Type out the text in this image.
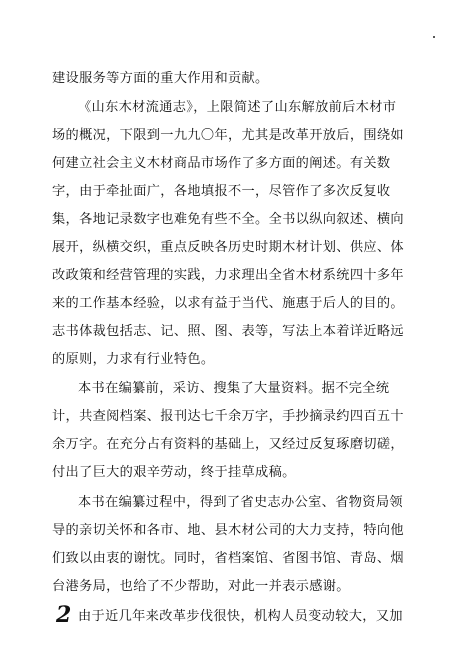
建设服务等方面的重大作用和贡献。
《山东木材流通志》，上限简述了山东解放前后木材市
场的概况，下限到一九九〇年，尤其是改革开放后，围绕如
何建立社会主义木材商品市场作了多方面的阐述。有关数
字，由于牵扯面广，各地填报不一，尽管作了多次反复收
集，各地记录数字也难免有些不全。全书以纵向叙述、横向
展开，纵横交织，重点反映各历史时期木材计划、供应、体
改政策和经营管理的实践，力求理出全省木材系统四十多年
来的工作基本经验，以求有益于当代、施惠于后人的目的。
志书体裁包括志、记、照、图、表等，写法上本着详近略远
的原则，力求有行业特色。
本书在编纂前，采访、搜集了大量资料。据不完全统
计，共查阅档案、报刊达七千余万字，手抄摘录约四百五十
余万字。在充分占有资料的基础上，又经过反复琢磨切磋，
付出了巨大的艰辛劳动，终于挂草成稿。
本书在编纂过程中，得到了省史志办公室、省物资局领
导的亲切关怀和各市、地、县木材公司的大力支持，特向他
们致以由衷的谢忱。同时，省档案馆、省图书馆、青岛、烟
台港务局，也给了不少帮助，对此一并表示感谢。
由于近几年来改革步伐很快，机构人员变动较大，又加
2
